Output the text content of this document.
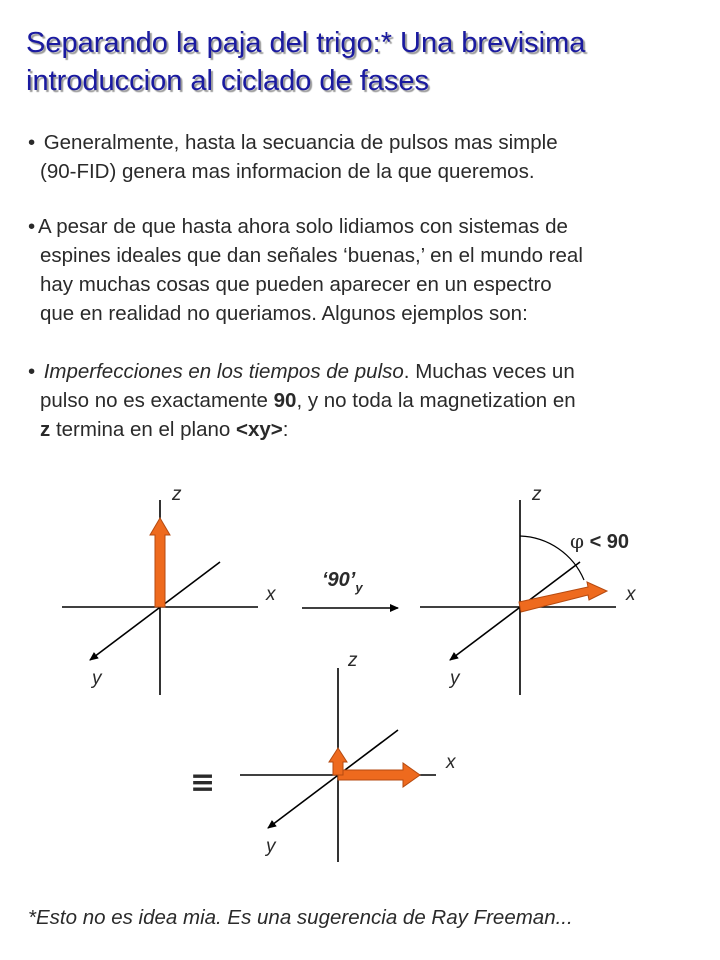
Separando la paja del trigo:* Una brevisima
introduccion al ciclado de fases
• Generalmente, hasta la secuancia de pulsos mas simple
(90-FID) genera mas informacion de la que queremos.
• A pesar de que hasta ahora solo lidiamos con sistemas de
espines ideales que dan señales ‘buenas,’ en el mundo real
hay muchas cosas que pueden aparecer en un espectro
que en realidad no queriamos. Algunos ejemplos son:
• Imperfecciones en los tiempos de pulso. Muchas veces un
pulso no es exactamente 90, y no toda la magnetization en
z termina en el plano <xy>:
z
x
y
‘$90’_y$
z
x
y
φ < 90
≡
z
x
y
*Esto no es idea mia. Es una sugerencia de Ray Freeman...
